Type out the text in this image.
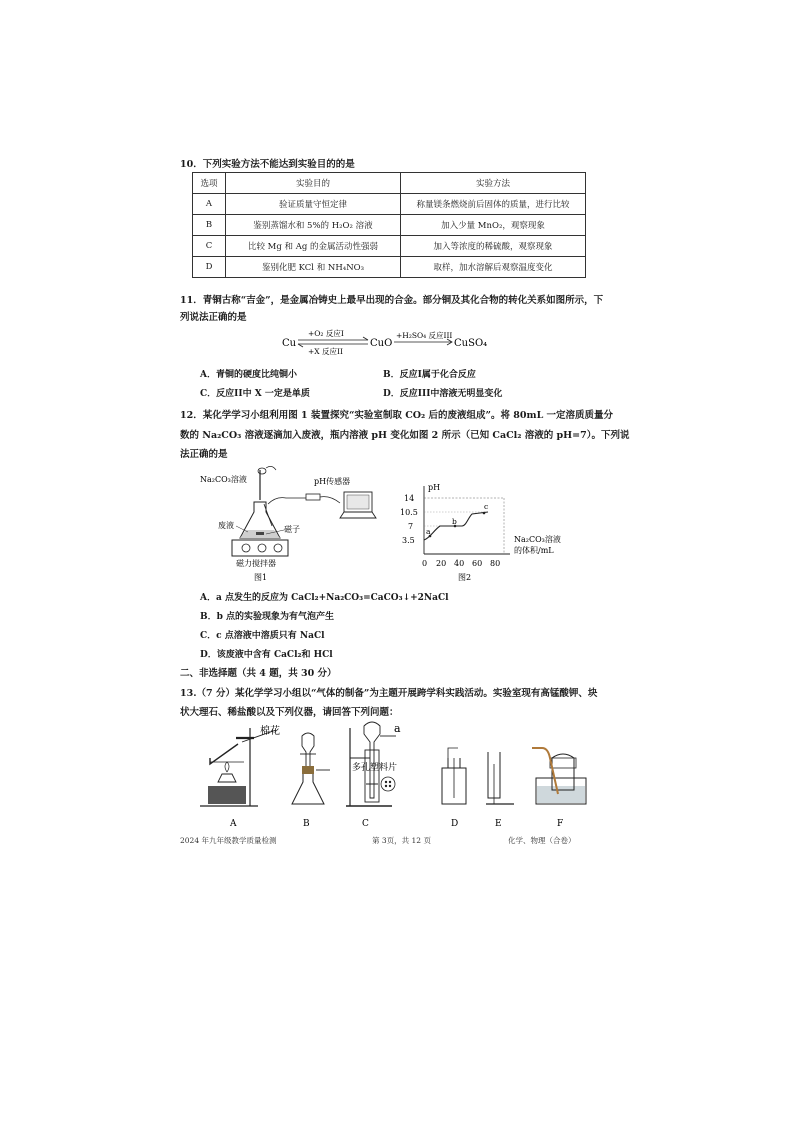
10．下列实验方法不能达到实验目的的是
选项	实验目的	实验方法
A	验证质量守恒定律	称量镁条燃烧前后固体的质量，进行比较
B	鉴别蒸馏水和 5%的 H₂O₂ 溶液	加入少量 MnO₂，观察现象
C	比较 Mg 和 Ag 的金属活动性强弱	加入等浓度的稀硫酸，观察现象
D	鉴别化肥 KCl 和 NH₄NO₃	取样，加水溶解后观察温度变化
11．青铜古称“吉金”，是金属冶铸史上最早出现的合金。部分铜及其化合物的转化关系如图所示，下
列说法正确的是
Cu
+O₂ 反应I
+X 反应II
CuO
+H₂SO₄ 反应III
CuSO₄
A．青铜的硬度比纯铜小	B．反应I属于化合反应
C．反应II中 X 一定是单质	D．反应III中溶液无明显变化
12．某化学学习小组利用图 1 装置探究“实验室制取 CO₂ 后的废液组成”。将 80mL 一定溶质质量分
数的 Na₂CO₃ 溶液逐滴加入废液，瓶内溶液 pH 变化如图 2 所示（已知 CaCl₂ 溶液的 pH=7）。下列说
法正确的是
Na₂CO₃溶液	pH传感器
废液	磁子
磁力搅拌器
图1
pH
14
10.5
7
3.5
a
b
c
0 20 40 60 80
Na₂CO₃溶液
的体积/mL
图2
A．a 点发生的反应为 CaCl₂+Na₂CO₃=CaCO₃↓+2NaCl
B．b 点的实验现象为有气泡产生
C．c 点溶液中溶质只有 NaCl
D．该废液中含有 CaCl₂和 HCl
二、非选择题（共 4 题，共 30 分）
13.（7 分）某化学学习小组以“气体的制备”为主题开展跨学科实践活动。实验室现有高锰酸钾、块
状大理石、稀盐酸以及下列仪器，请回答下列问题：
棉花	a
多孔塑料片
A	B	C	D	E	F
2024 年九年级教学质量检测	第 3页，共 12 页	化学、物理（合卷）
